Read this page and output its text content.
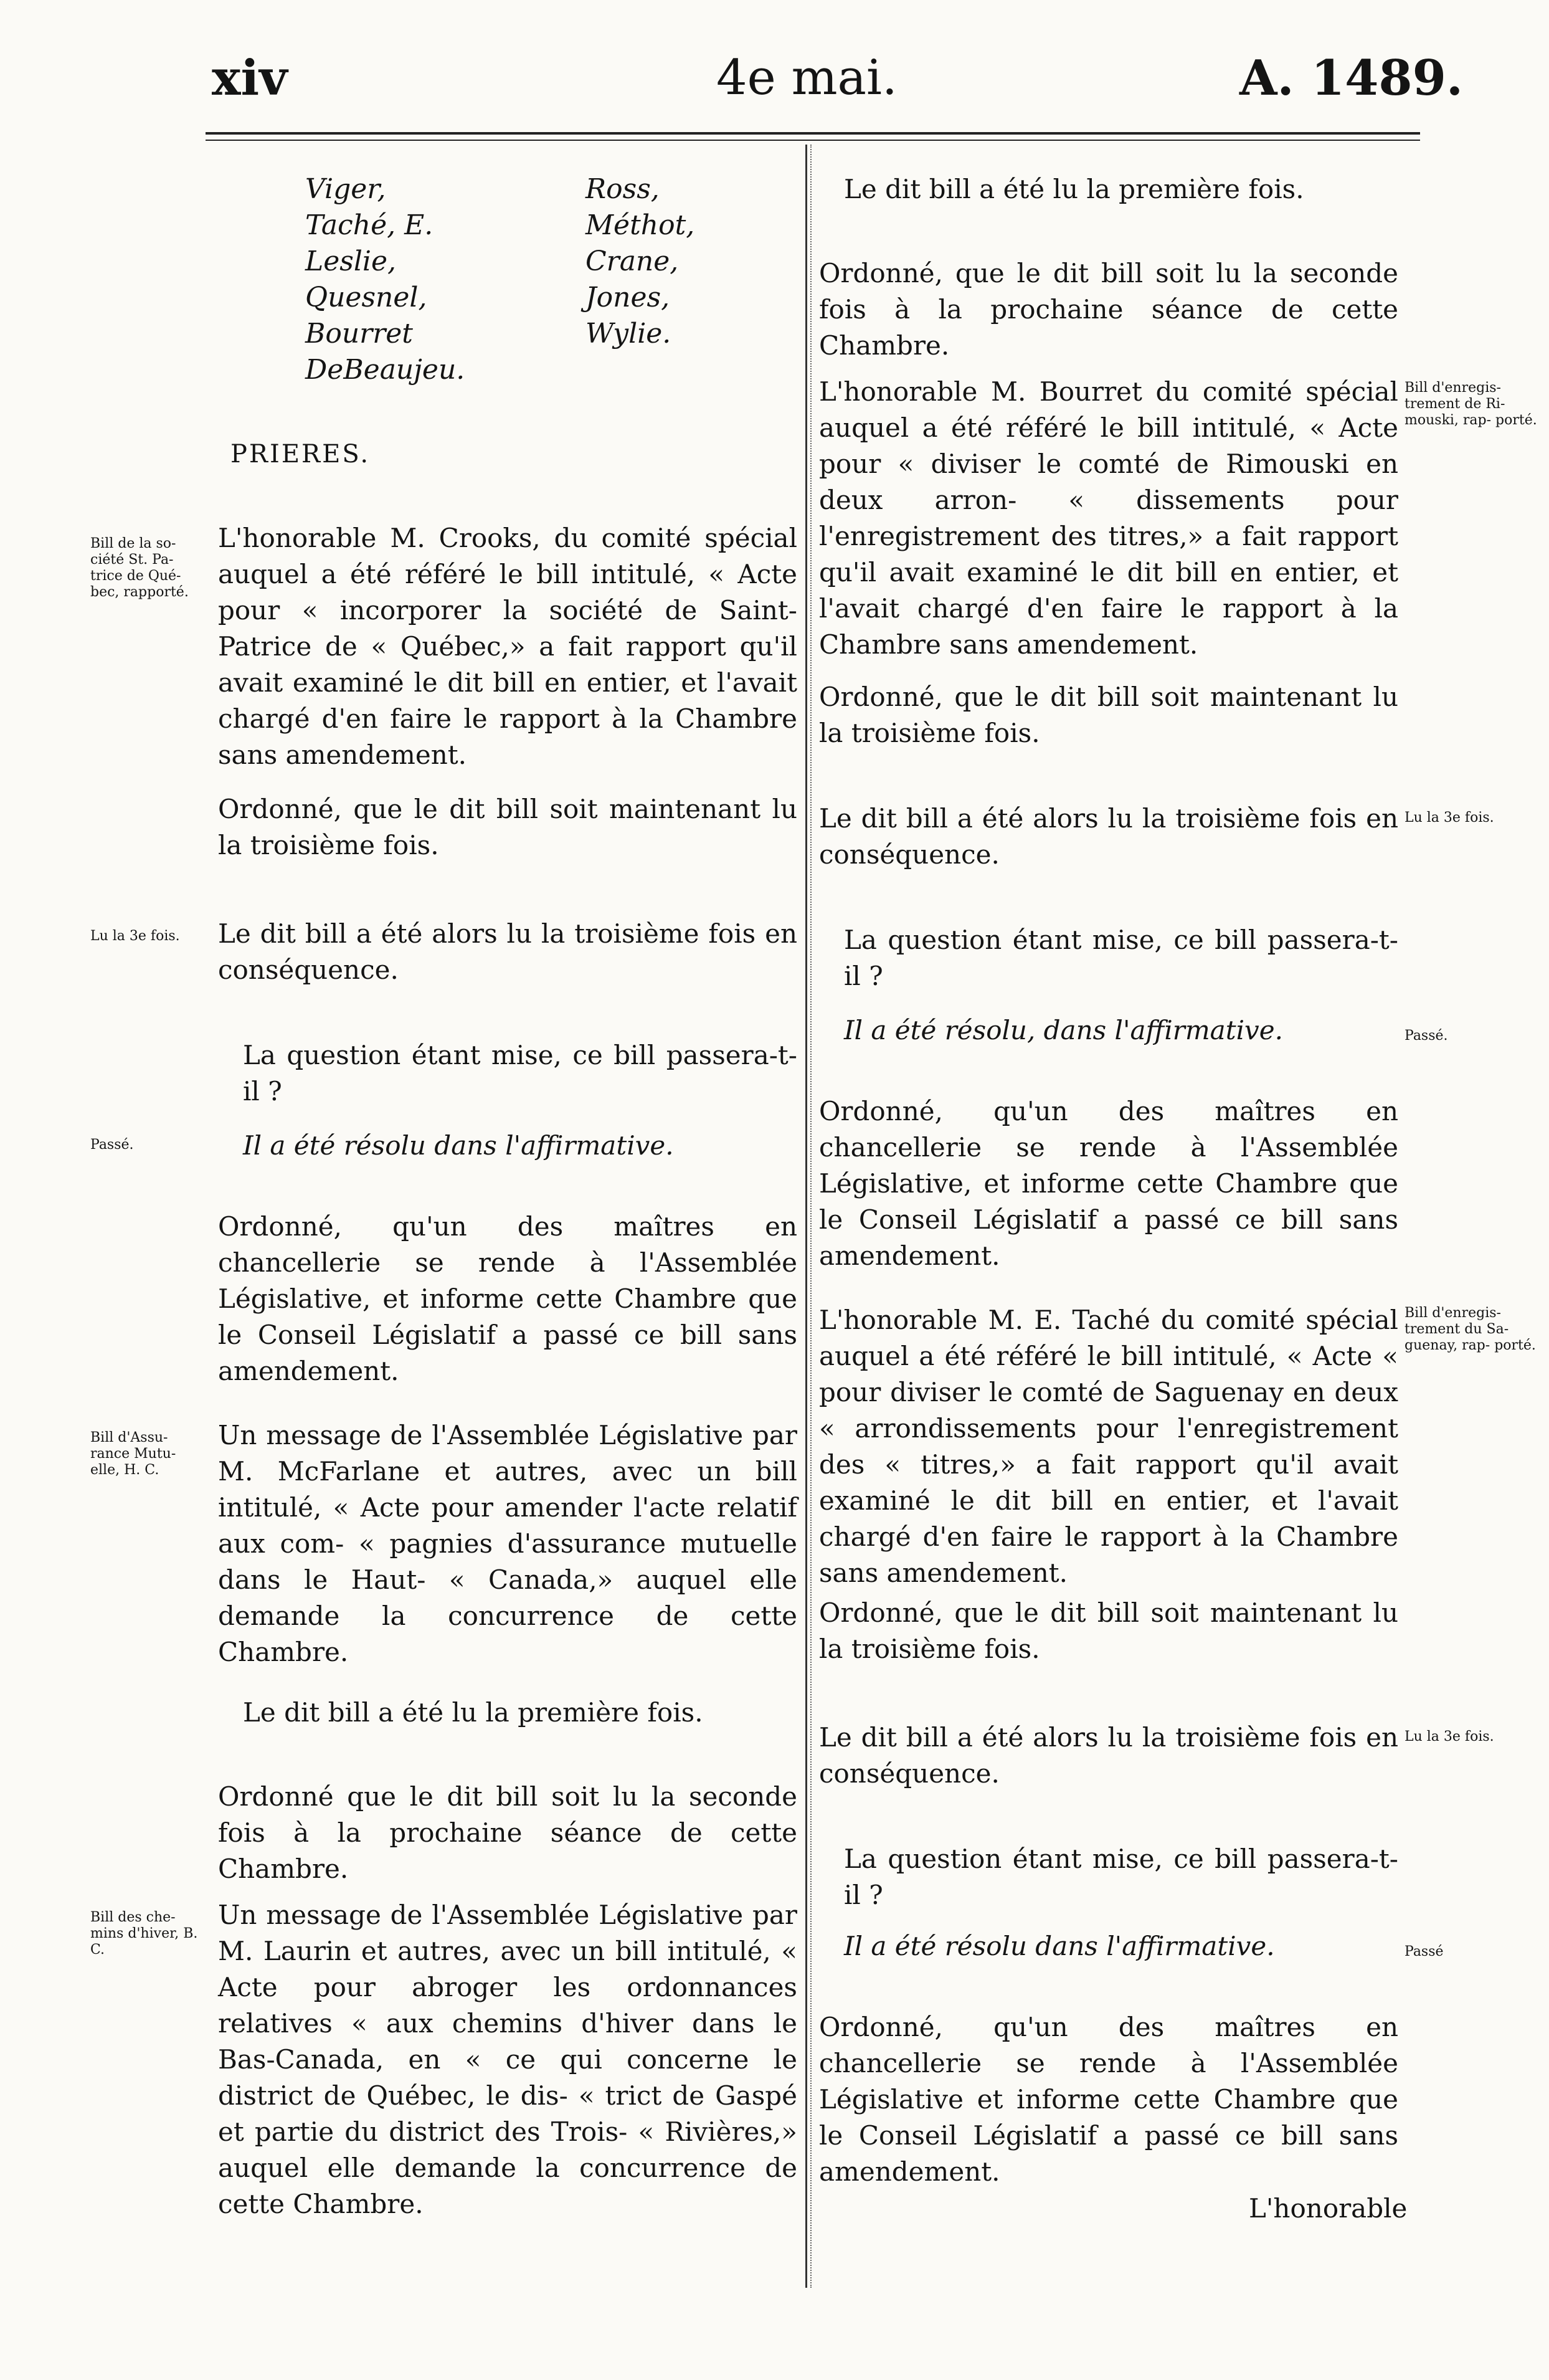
xiv	4e mai.	A. 1489.
Viger,
Taché, E.
Leslie,
Quesnel,
Bourret
DeBeaujeu.
Ross,
Méthot,
Crane,
Jones,
Wylie.
PRIERES.
L'honorable M. Crooks, du comité spécial auquel a été référé le bill intitulé, « Acte pour « incorporer la société de Saint-Patrice de « Québec,» a fait rapport qu'il avait examiné le dit bill en entier, et l'avait chargé d'en faire le rapport à la Chambre sans amendement.
Ordonné, que le dit bill soit maintenant lu la troisième fois.
Le dit bill a été alors lu la troisième fois en conséquence.
La question étant mise, ce bill passera-t-il ?
Il a été résolu dans l'affirmative.
Ordonné, qu'un des maîtres en chancellerie se rende à l'Assemblée Législative, et informe cette Chambre que le Conseil Législatif a passé ce bill sans amendement.
Un message de l'Assemblée Législative par M. McFarlane et autres, avec un bill intitulé, « Acte pour amender l'acte relatif aux com- « pagnies d'assurance mutuelle dans le Haut- « Canada,» auquel elle demande la concurrence de cette Chambre.
Le dit bill a été lu la première fois.
Ordonné que le dit bill soit lu la seconde fois à la prochaine séance de cette Chambre.
Un message de l'Assemblée Législative par M. Laurin et autres, avec un bill intitulé, « Acte pour abroger les ordonnances relatives « aux chemins d'hiver dans le Bas-Canada, en « ce qui concerne le district de Québec, le dis- « trict de Gaspé et partie du district des Trois- « Rivières,» auquel elle demande la concurrence de cette Chambre.
Bill de la so- ciété St. Pa- trice de Qué- bec, rapporté.
Lu la 3e fois.
Passé.
Bill d'Assu- rance Mutu- elle, H. C.
Bill des che- mins d'hiver, B. C.
Le dit bill a été lu la première fois.
Ordonné, que le dit bill soit lu la seconde fois à la prochaine séance de cette Chambre.
L'honorable M. Bourret du comité spécial auquel a été référé le bill intitulé, « Acte pour « diviser le comté de Rimouski en deux arron- « dissements pour l'enregistrement des titres,» a fait rapport qu'il avait examiné le dit bill en entier, et l'avait chargé d'en faire le rapport à la Chambre sans amendement.
Ordonné, que le dit bill soit maintenant lu la troisième fois.
Le dit bill a été alors lu la troisième fois en conséquence.
La question étant mise, ce bill passera-t-il ?
Il a été résolu, dans l'affirmative.
Ordonné, qu'un des maîtres en chancellerie se rende à l'Assemblée Législative, et informe cette Chambre que le Conseil Législatif a passé ce bill sans amendement.
L'honorable M. E. Taché du comité spécial auquel a été référé le bill intitulé, « Acte « pour diviser le comté de Saguenay en deux « arrondissements pour l'enregistrement des « titres,» a fait rapport qu'il avait examiné le dit bill en entier, et l'avait chargé d'en faire le rapport à la Chambre sans amendement.
Ordonné, que le dit bill soit maintenant lu la troisième fois.
Le dit bill a été alors lu la troisième fois en conséquence.
La question étant mise, ce bill passera-t-il ?
Il a été résolu dans l'affirmative.
Ordonné, qu'un des maîtres en chancellerie se rende à l'Assemblée Législative et informe cette Chambre que le Conseil Législatif a passé ce bill sans amendement.
L'honorable
Bill d'enregis- trement de Ri- mouski, rap- porté.
Lu la 3e fois.
Passé.
Bill d'enregis- trement du Sa- guenay, rap- porté.
Lu la 3e fois.
Passé
